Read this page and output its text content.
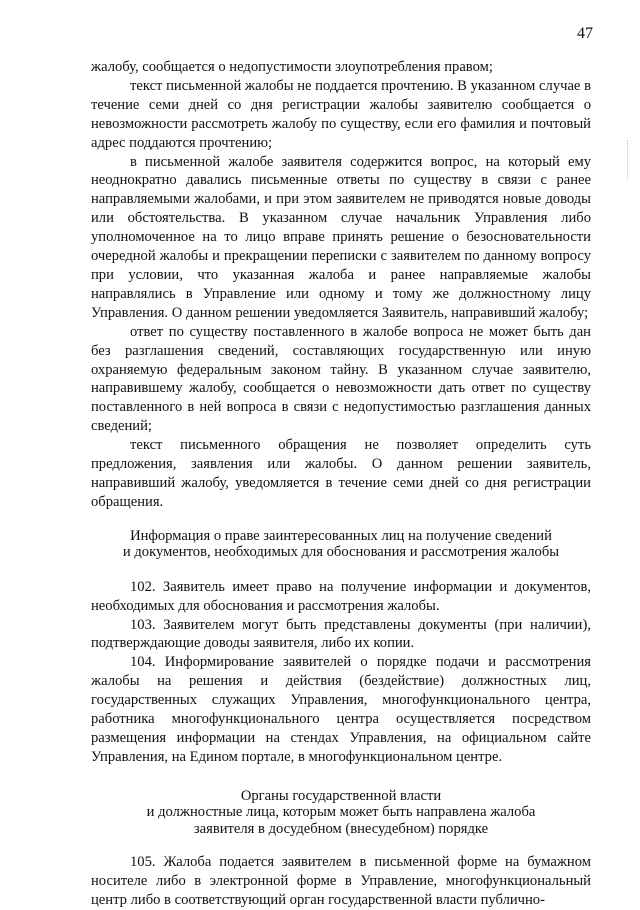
47

жалобу, сообщается о недопустимости злоупотребления правом;

текст письменной жалобы не поддается прочтению. В указанном случае в течение семи дней со дня регистрации жалобы заявителю сообщается о невозможности рассмотреть жалобу по существу, если его фамилия и почтовый адрес поддаются прочтению;

в письменной жалобе заявителя содержится вопрос, на который ему неоднократно давались письменные ответы по существу в связи с ранее направляемыми жалобами, и при этом заявителем не приводятся новые доводы или обстоятельства. В указанном случае начальник Управления либо уполномоченное на то лицо вправе принять решение о безосновательности очередной жалобы и прекращении переписки с заявителем по данному вопросу при условии, что указанная жалоба и ранее направляемые жалобы направлялись в Управление или одному и тому же должностному лицу Управления. О данном решении уведомляется Заявитель, направивший жалобу;

ответ по существу поставленного в жалобе вопроса не может быть дан без разглашения сведений, составляющих государственную или иную охраняемую федеральным законом тайну. В указанном случае заявителю, направившему жалобу, сообщается о невозможности дать ответ по существу поставленного в ней вопроса в связи с недопустимостью разглашения данных сведений;

текст письменного обращения не позволяет определить суть предложения, заявления или жалобы. О данном решении заявитель, направивший жалобу, уведомляется в течение семи дней со дня регистрации обращения.

Информация о праве заинтересованных лиц на получение сведений
и документов, необходимых для обоснования и рассмотрения жалобы

102. Заявитель имеет право на получение информации и документов, необходимых для обоснования и рассмотрения жалобы.

103. Заявителем могут быть представлены документы (при наличии), подтверждающие доводы заявителя, либо их копии.

104. Информирование заявителей о порядке подачи и рассмотрения жалобы на решения и действия (бездействие) должностных лиц, государственных служащих Управления, многофункционального центра, работника многофункционального центра осуществляется посредством размещения информации на стендах Управления, на официальном сайте Управления, на Едином портале, в многофункциональном центре.

Органы государственной власти
и должностные лица, которым может быть направлена жалоба
заявителя в досудебном (внесудебном) порядке

105. Жалоба подается заявителем в письменной форме на бумажном носителе либо в электронной форме в Управление, многофункциональный центр либо в соответствующий орган государственной власти публично-
